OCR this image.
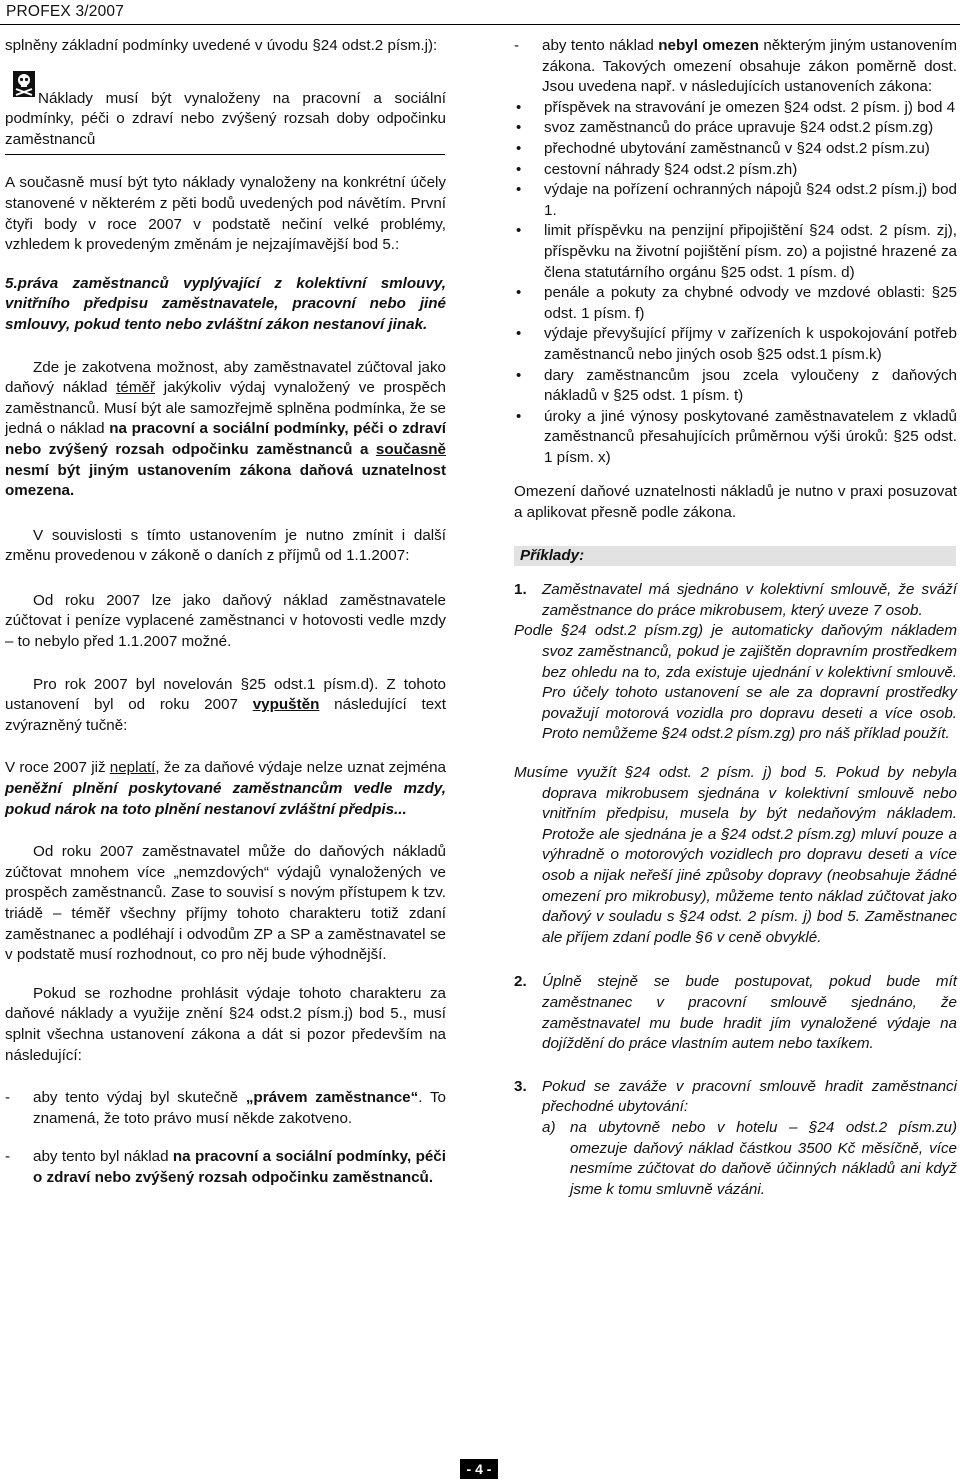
PROFEX 3/2007

splněny základní podmínky uvedené v úvodu §24 odst.2 písm.j):

Náklady musí být vynaloženy na pracovní a sociální podmínky, péči o zdraví nebo zvýšený rozsah doby odpočinku zaměstnanců

A současně musí být tyto náklady vynaloženy na konkrétní účely stanovené v některém z pěti bodů uvedených pod návětím. První čtyři body v roce 2007 v podstatě nečiní velké problémy, vzhledem k provedeným změnám je nejzajímavější bod 5.:

5.práva zaměstnanců vyplývající z kolektivní smlouvy, vnitřního předpisu zaměstnavatele, pracovní nebo jiné smlouvy, pokud tento nebo zvláštní zákon nestanoví jinak.

Zde je zakotvena možnost, aby zaměstnavatel zúčtoval jako daňový náklad téměř jakýkoliv výdaj vynaložený ve prospěch zaměstnanců. Musí být ale samozřejmě splněna podmínka, že se jedná o náklad na pracovní a sociální podmínky, péči o zdraví nebo zvýšený rozsah odpočinku zaměstnanců a současně nesmí být jiným ustanovením zákona daňová uznatelnost omezena.

V souvislosti s tímto ustanovením je nutno zmínit i další změnu provedenou v zákoně o daních z příjmů od 1.1.2007:

Od roku 2007 lze jako daňový náklad zaměstnavatele zúčtovat i peníze vyplacené zaměstnanci v hotovosti vedle mzdy – to nebylo před 1.1.2007 možné.

Pro rok 2007 byl novelován §25 odst.1 písm.d). Z tohoto ustanovení byl od roku 2007 vypuštěn následující text zvýrazněný tučně:

V roce 2007 již neplatí, že za daňové výdaje nelze uznat zejména peněžní plnění poskytované zaměstnancům vedle mzdy, pokud nárok na toto plnění nestanoví zvláštní předpis...

Od roku 2007 zaměstnavatel může do daňových nákladů zúčtovat mnohem více „nemzdových“ výdajů vynaložených ve prospěch zaměstnanců. Zase to souvisí s novým přístupem k tzv. triádě – téměř všechny příjmy tohoto charakteru totiž zdaní zaměstnanec a podléhají i odvodům ZP a SP a zaměstnavatel se v podstatě musí rozhodnout, co pro něj bude výhodnější.

Pokud se rozhodne prohlásit výdaje tohoto charakteru za daňové náklady a využije znění §24 odst.2 písm.j) bod 5., musí splnit všechna ustanovení zákona a dát si pozor především na následující:

- aby tento výdaj byl skutečně „právem zaměstnance“. To znamená, že toto právo musí někde zakotveno.
- aby tento byl náklad na pracovní a sociální podmínky, péči o zdraví nebo zvýšený rozsah odpočinku zaměstnanců.
- aby tento náklad nebyl omezen některým jiným ustanovením zákona. Takových omezení obsahuje zákon poměrně dost. Jsou uvedena např. v následujících ustanoveních zákona:
• příspěvek na stravování je omezen §24 odst. 2 písm. j) bod 4
• svoz zaměstnanců do práce upravuje §24 odst.2 písm.zg)
• přechodné ubytování zaměstnanců v §24 odst.2 písm.zu)
• cestovní náhrady §24 odst.2 písm.zh)
• výdaje na pořízení ochranných nápojů §24 odst.2 písm.j) bod 1.
• limit příspěvku na penzijní připojištění §24 odst. 2 písm. zj), příspěvku na životní pojištění písm. zo) a pojistné hrazené za člena statutárního orgánu §25 odst. 1 písm. d)
• penále a pokuty za chybné odvody ve mzdové oblasti: §25 odst. 1 písm. f)
• výdaje převyšující příjmy v zařízeních k uspokojování potřeb zaměstnanců nebo jiných osob §25 odst.1 písm.k)
• dary zaměstnancům jsou zcela vyloučeny z daňových nákladů v §25 odst. 1 písm. t)
• úroky a jiné výnosy poskytované zaměstnavatelem z vkladů zaměstnanců přesahujících průměrnou výši úroků: §25 odst. 1 písm. x)

Omezení daňové uznatelnosti nákladů je nutno v praxi posuzovat a aplikovat přesně podle zákona.

Příklady:
1. Zaměstnavatel má sjednáno v kolektivní smlouvě, že sváží zaměstnance do práce mikrobusem, který uveze 7 osob.

Podle §24 odst.2 písm.zg) je automaticky daňovým nákladem svoz zaměstnanců, pokud je zajištěn dopravním prostředkem bez ohledu na to, zda existuje ujednání v kolektivní smlouvě. Pro účely tohoto ustanovení se ale za dopravní prostředky považují motorová vozidla pro dopravu deseti a více osob. Proto nemůžeme §24 odst.2 písm.zg) pro náš příklad použít.

Musíme využít §24 odst. 2 písm. j) bod 5. Pokud by nebyla doprava mikrobusem sjednána v kolektivní smlouvě nebo vnitřním předpisu, musela by být nedaňovým nákladem. Protože ale sjednána je a §24 odst.2 písm.zg) mluví pouze a výhradně o motorových vozidlech pro dopravu deseti a více osob a nijak neřeší jiné způsoby dopravy (neobsahuje žádné omezení pro mikrobusy), můžeme tento náklad zúčtovat jako daňový v souladu s §24 odst. 2 písm. j) bod 5. Zaměstnanec ale příjem zdaní podle §6 v ceně obvyklé.

2. Úplně stejně se bude postupovat, pokud bude mít zaměstnanec v pracovní smlouvě sjednáno, že zaměstnavatel mu bude hradit jím vynaložené výdaje na dojíždění do práce vlastním autem nebo taxíkem.
3. Pokud se zaváže v pracovní smlouvě hradit zaměstnanci přechodné ubytování:
a) na ubytovně nebo v hotelu – §24 odst.2 písm.zu) omezuje daňový náklad částkou 3500 Kč měsíčně, více nesmíme zúčtovat do daňově účinných nákladů ani když jsme k tomu smluvně vázáni.
- 4 -
